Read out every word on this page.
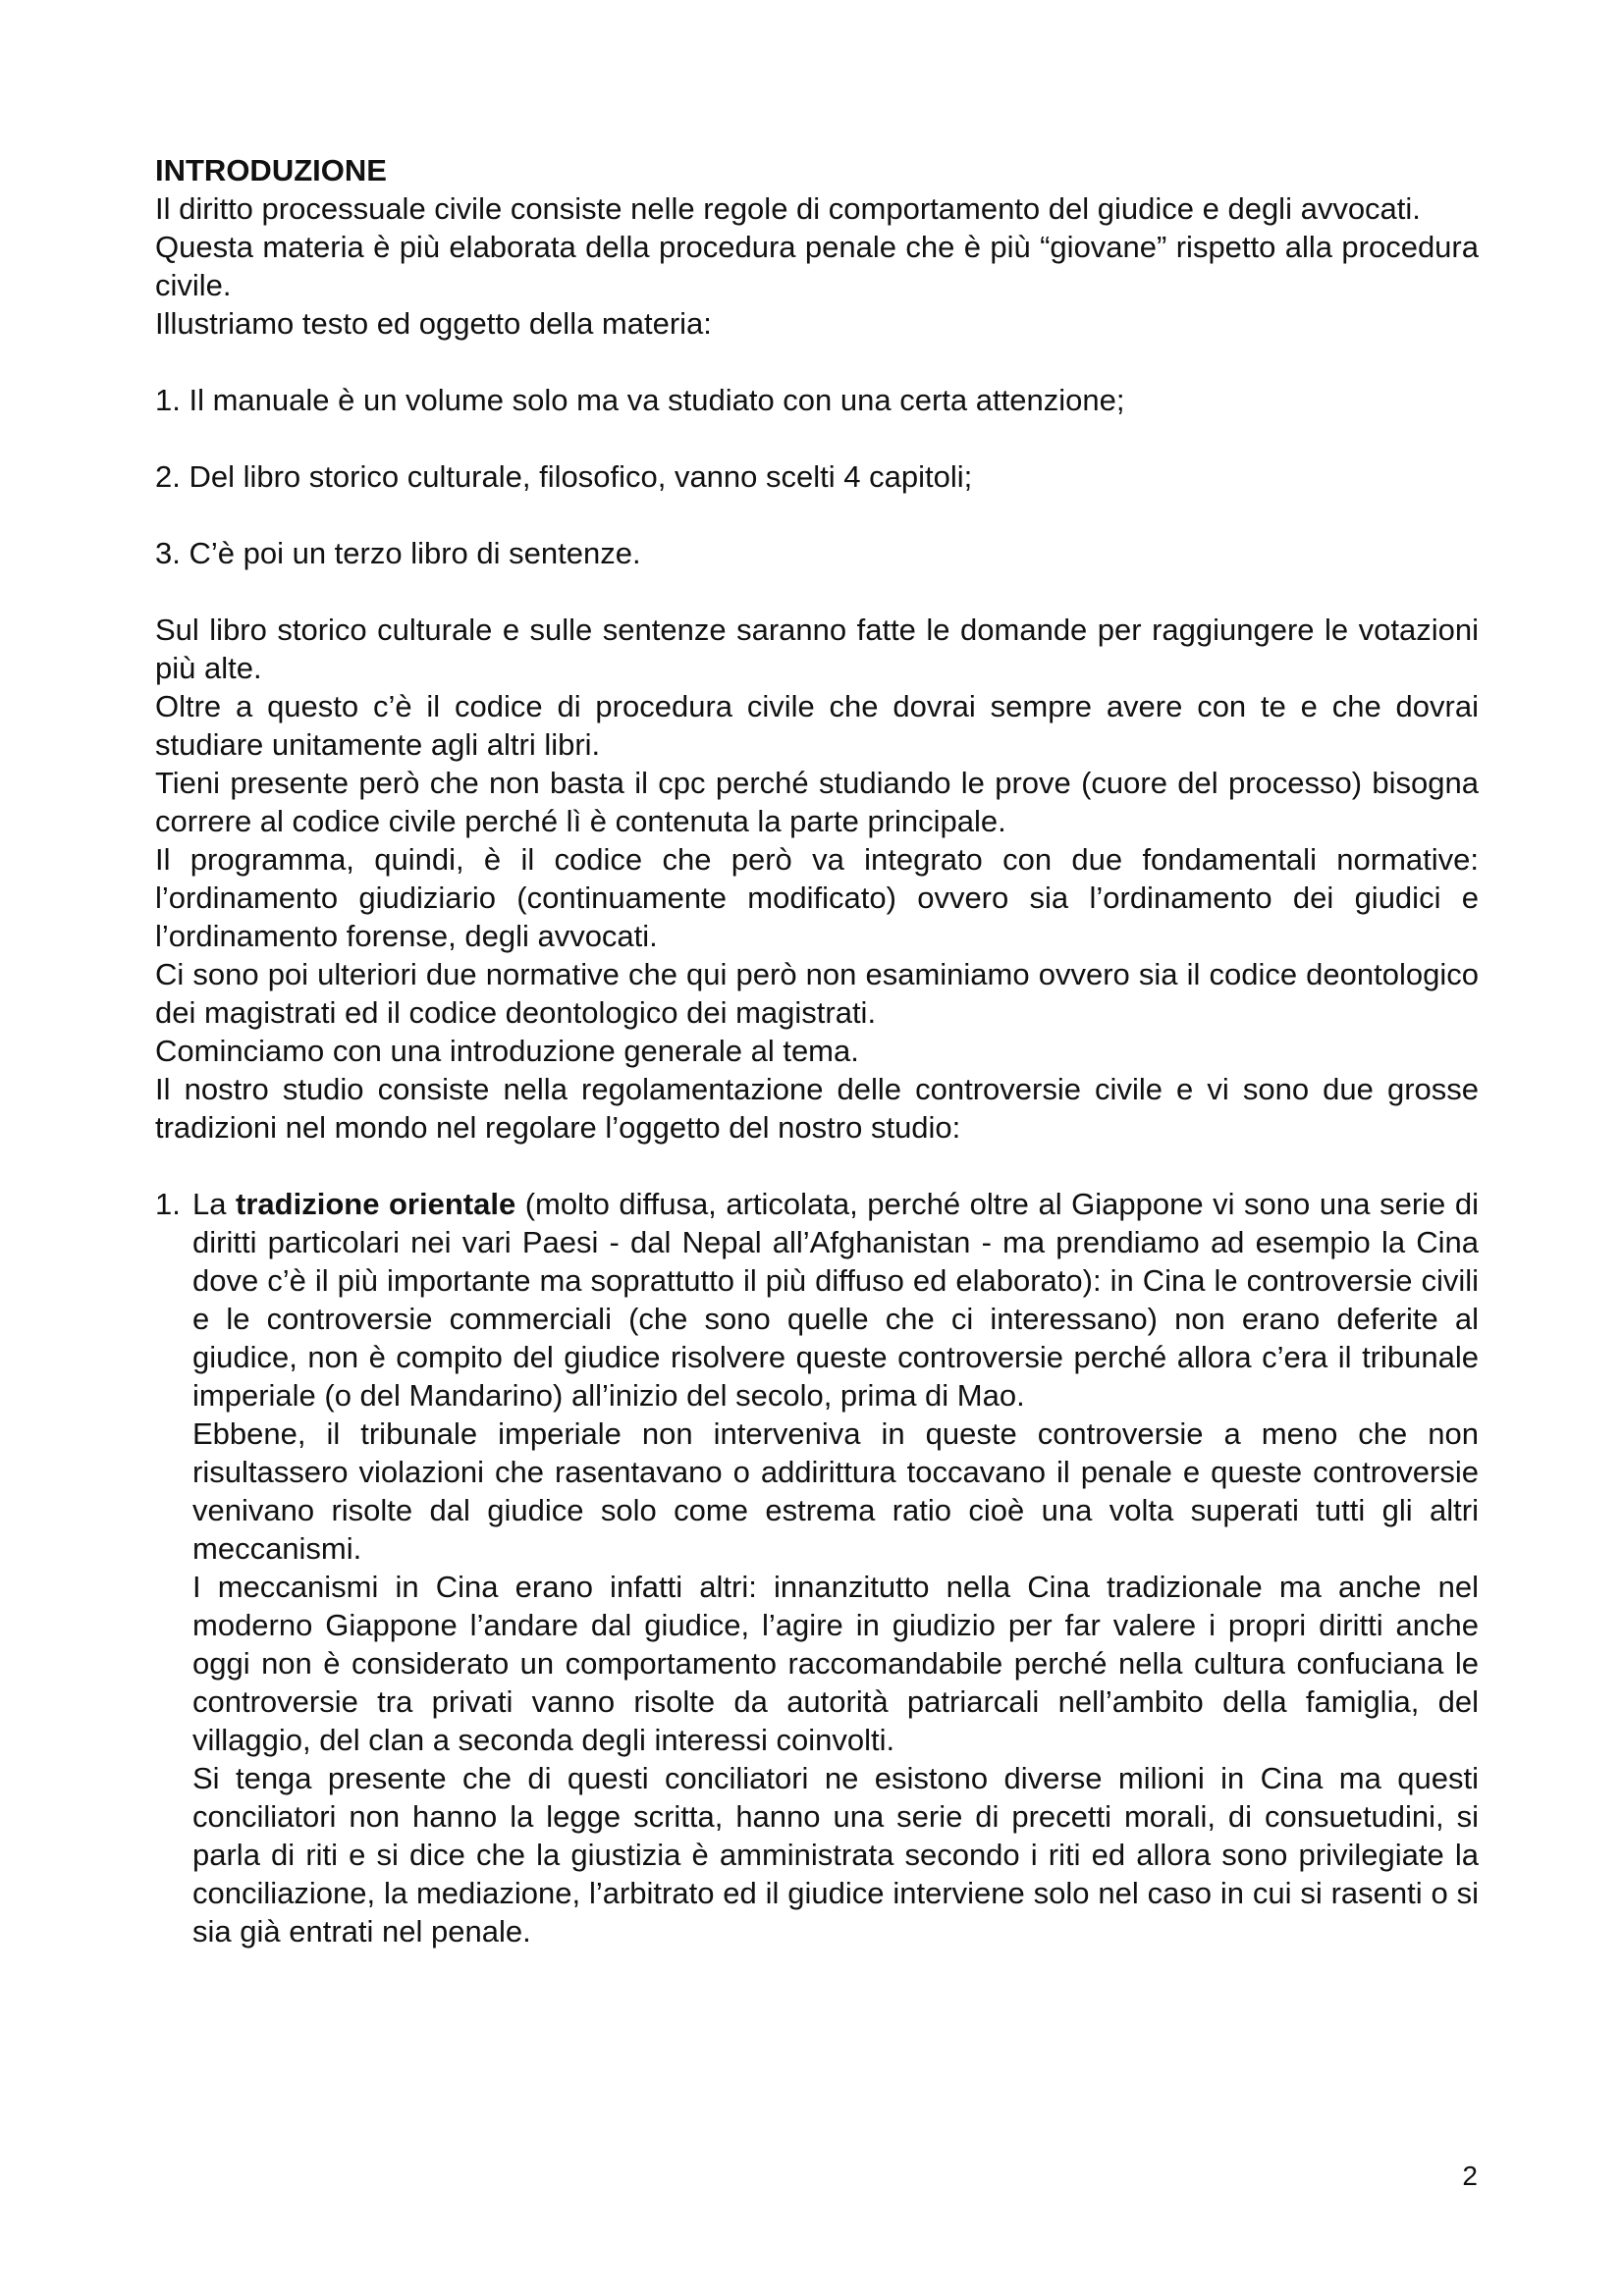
INTRODUZIONE

Il diritto processuale civile consiste nelle regole di comportamento del giudice e degli avvocati.

Questa materia è più elaborata della procedura penale che è più “giovane” rispetto alla procedura civile.

Illustriamo testo ed oggetto della materia:

1. Il manuale è un volume solo ma va studiato con una certa attenzione;

2. Del libro storico culturale, filosofico, vanno scelti 4 capitoli;

3. C’è poi un terzo libro di sentenze.

Sul libro storico culturale e sulle sentenze saranno fatte le domande per raggiungere le votazioni più alte.

Oltre a questo c’è il codice di procedura civile che dovrai sempre avere con te e che dovrai studiare unitamente agli altri libri.

Tieni presente però che non basta il cpc perché studiando le prove (cuore del processo) bisogna correre al codice civile perché lì è contenuta la parte principale.

Il programma, quindi, è il codice che però va integrato con due fondamentali normative: l’ordinamento giudiziario (continuamente modificato) ovvero sia l’ordinamento dei giudici e l’ordinamento forense, degli avvocati.

Ci sono poi ulteriori due normative che qui però non esaminiamo ovvero sia il codice deontologico dei magistrati ed il codice deontologico dei magistrati.

Cominciamo con una introduzione generale al tema.

Il nostro studio consiste nella regolamentazione delle controversie civile e vi sono due grosse tradizioni nel mondo nel regolare l’oggetto del nostro studio:

1. La tradizione orientale (molto diffusa, articolata, perché oltre al Giappone vi sono una serie di diritti particolari nei vari Paesi - dal Nepal all’Afghanistan - ma prendiamo ad esempio la Cina dove c’è il più importante ma soprattutto il più diffuso ed elaborato): in Cina le controversie civili e le controversie commerciali (che sono quelle che ci interessano) non erano deferite al giudice, non è compito del giudice risolvere queste controversie perché allora c’era il tribunale imperiale (o del Mandarino) all’inizio del secolo, prima di Mao.

Ebbene, il tribunale imperiale non interveniva in queste controversie a meno che non risultassero violazioni che rasentavano o addirittura toccavano il penale e queste controversie venivano risolte dal giudice solo come estrema ratio cioè una volta superati tutti gli altri meccanismi.

I meccanismi in Cina erano infatti altri: innanzitutto nella Cina tradizionale ma anche nel moderno Giappone l’andare dal giudice, l’agire in giudizio per far valere i propri diritti anche oggi non è considerato un comportamento raccomandabile perché nella cultura confuciana le controversie tra privati vanno risolte da autorità patriarcali nell’ambito della famiglia, del villaggio, del clan a seconda degli interessi coinvolti.

Si tenga presente che di questi conciliatori ne esistono diverse milioni in Cina ma questi conciliatori non hanno la legge scritta, hanno una serie di precetti morali, di consuetudini, si parla di riti e si dice che la giustizia è amministrata secondo i riti ed allora sono privilegiate la conciliazione, la mediazione, l’arbitrato ed il giudice interviene solo nel caso in cui si rasenti o si sia già entrati nel penale.

2
